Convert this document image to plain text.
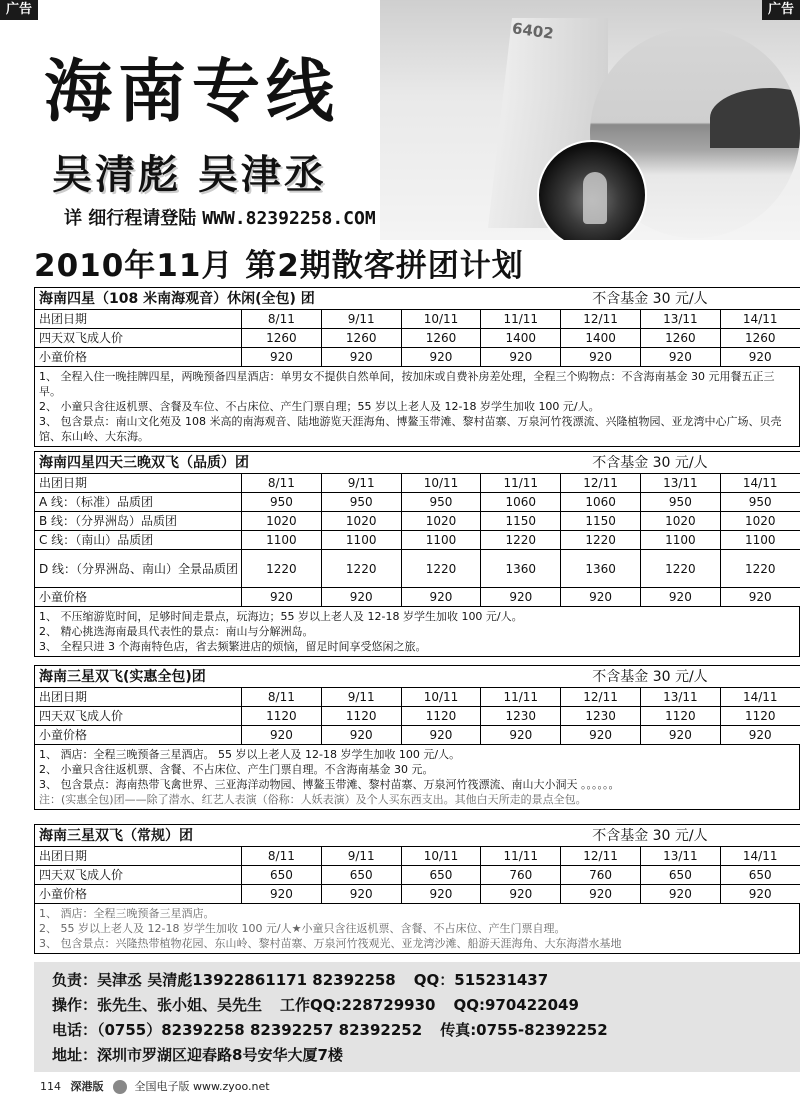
6402
海南专线
吴清彪 吴津丞
详 细行程请登陆 WWW.82392258.COM
广告	广告
2010年11月 第2期散客拼团计划
海南四星（108 米南海观音）休闲(全包) 团 不含基金 30 元/人							

出团日期	8/11	9/11	10/11	11/11	12/11	13/11	14/11
四天双飞成人价	1260	1260	1260	1400	1400	1260	1260
小童价格	920	920	920	920	920	920	920

1、 全程入住一晚挂牌四星，两晚预备四星酒店：单男女不提供自然单间，按加床或自费补房差处理，全程三个购物点：不含海南基金 30 元用餐五正三早。

2、 小童只含往返机票、含餐及车位、不占床位、产生门票自理；55 岁以上老人及 12-18 岁学生加收 100 元/人。

3、 包含景点：南山文化苑及 108 米高的南海观音、陆地游览天涯海角、博鳌玉带滩、黎村苗寨、万泉河竹筏漂流、兴隆植物园、亚龙湾中心广场、贝壳馆、东山岭、大东海。

海南四星四天三晚双飞（品质）团 不含基金 30 元/人							

出团日期	8/11	9/11	10/11	11/11	12/11	13/11	14/11
A 线：（标准）品质团	950	950	950	1060	1060	950	950
B 线：（分界洲岛）品质团	1020	1020	1020	1150	1150	1020	1020
C 线：（南山）品质团	1100	1100	1100	1220	1220	1100	1100
D 线：（分界洲岛、南山）全景品质团	1220	1220	1220	1360	1360	1220	1220
小童价格	920	920	920	920	920	920	920

1、 不压缩游览时间，足够时间走景点，玩海边；55 岁以上老人及 12-18 岁学生加收 100 元/人。

2、 精心挑选海南最具代表性的景点：南山与分解洲岛。

3、 全程只进 3 个海南特色店，省去频繁进店的烦恼，留足时间享受悠闲之旅。

海南三星双飞(实惠全包)团 不含基金 30 元/人							

出团日期	8/11	9/11	10/11	11/11	12/11	13/11	14/11
四天双飞成人价	1120	1120	1120	1230	1230	1120	1120
小童价格	920	920	920	920	920	920	920

1、 酒店：全程三晚预备三星酒店。 55 岁以上老人及 12-18 岁学生加收 100 元/人。

2、 小童只含往返机票、含餐、不占床位、产生门票自理。不含海南基金 30 元。

3、 包含景点：海南热带飞禽世界、三亚海洋动物园、博鳌玉带滩、黎村苗寨、万泉河竹筏漂流、南山大小洞天 。。。。。。

注：(实惠全包)团——除了潜水、红艺人表演（俗称：人妖表演）及个人买东西支出。其他白天所走的景点全包。

海南三星双飞（常规）团 不含基金 30 元/人							

出团日期	8/11	9/11	10/11	11/11	12/11	13/11	14/11
四天双飞成人价	650	650	650	760	760	650	650
小童价格	920	920	920	920	920	920	920

1、 酒店：全程三晚预备三星酒店。

2、 55 岁以上老人及 12-18 岁学生加收 100 元/人★小童只含往返机票、含餐、不占床位、产生门票自理。

3、 包含景点：兴隆热带植物花园、东山岭、黎村苗寨、万泉河竹筏观光、亚龙湾沙滩、船游天涯海角、大东海潜水基地

负责：吴津丞 吴清彪13922861171 82392258 QQ：515231437
操作：张先生、张小姐、吴先生 工作QQ:228729930 QQ:970422049
电话：（0755）82392258 82392257 82392252 传真:0755-82392252
地址：深圳市罗湖区迎春路8号安华大厦7楼
114 深港版	全国电子版 www.zyoo.net
